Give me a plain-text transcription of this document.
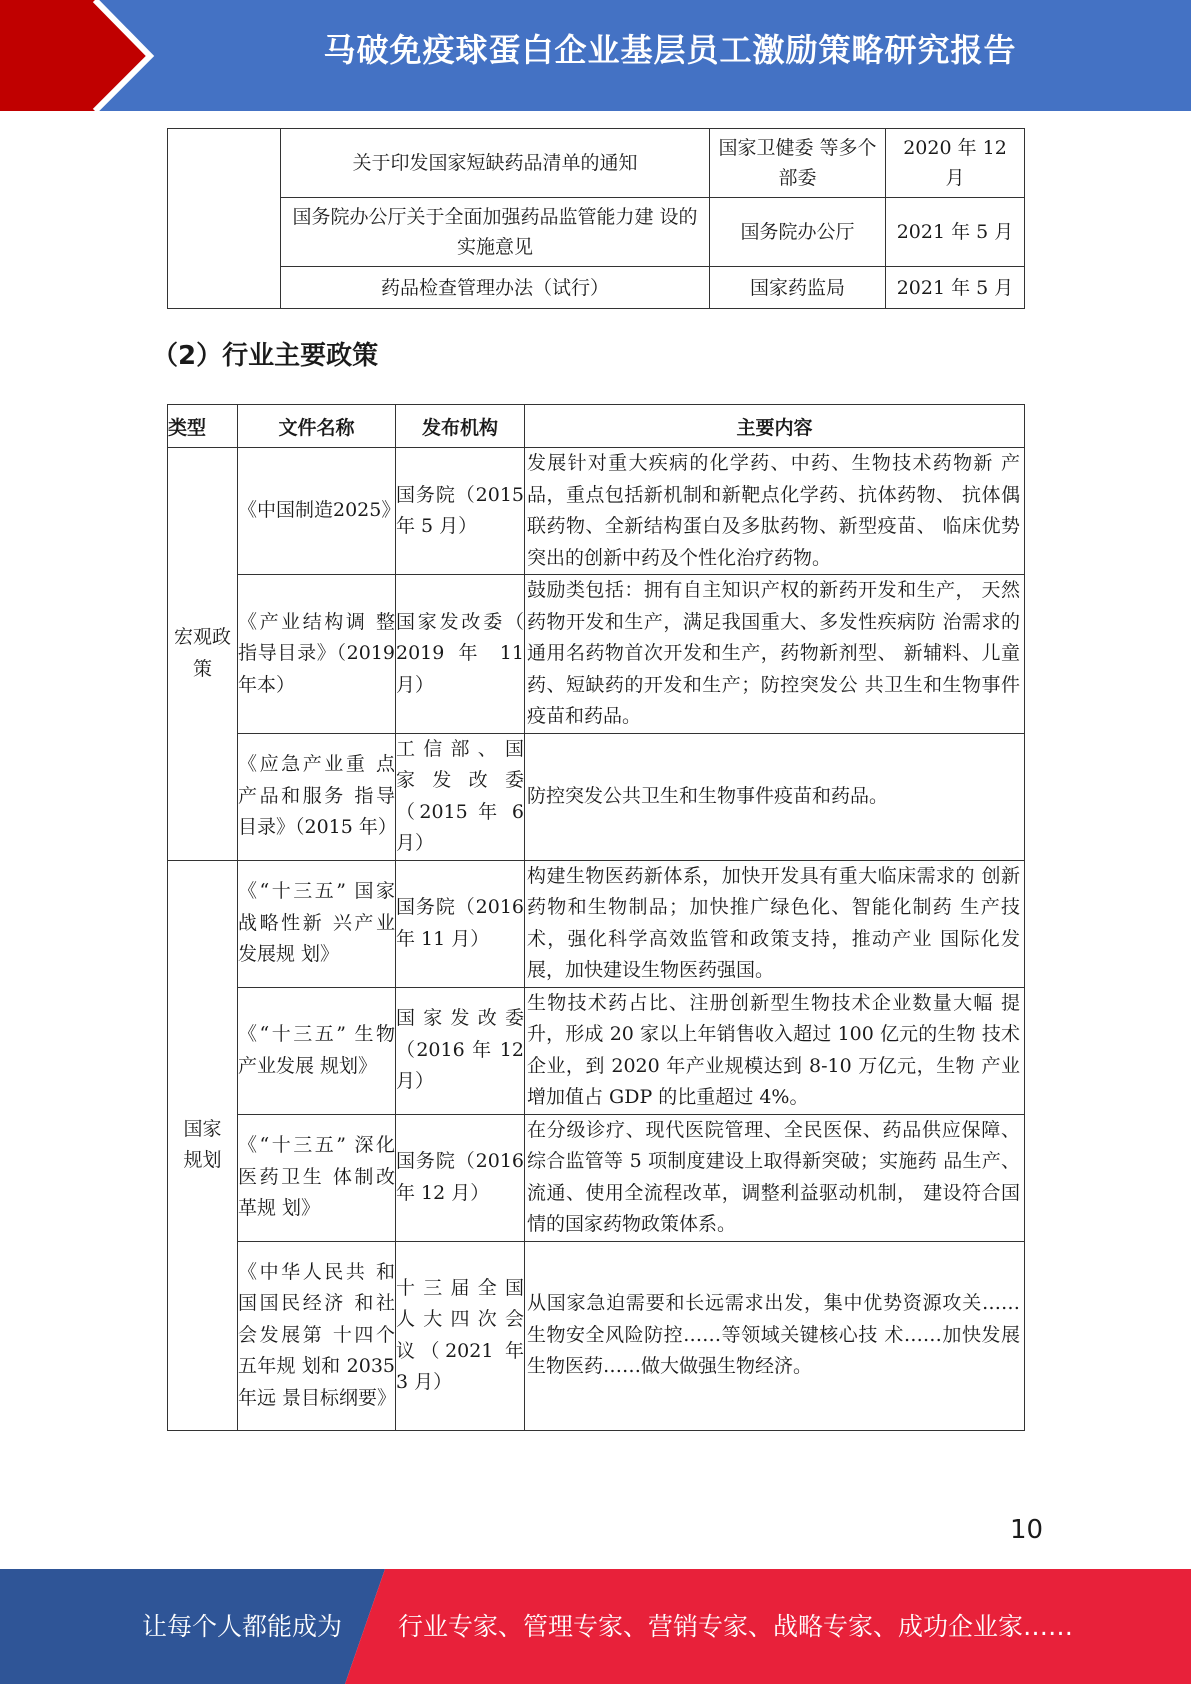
马破免疫球蛋白企业基层员工激励策略研究报告
	关于印发国家短缺药品清单的通知	国家卫健委 等多个部委	2020 年 12 月
	国务院办公厅关于全面加强药品监管能力建 设的实施意见	国务院办公厅	2021 年 5 月
	药品检查管理办法（试行）	国家药监局	2021 年 5 月
（2）行业主要政策
类型	文件名称	发布机构	主要内容
宏观政策	《中国制造2025》	国务院（2015 年 5 月）	发展针对重大疾病的化学药、中药、生物技术药物新 产品，重点包括新机制和新靶点化学药、抗体药物、 抗体偶联药物、全新结构蛋白及多肽药物、新型疫苗、 临床优势突出的创新中药及个性化治疗药物。
	《产业结构调 整指导目录》（2019 年本）	国家发改委（ 2019 年 11 月）	鼓励类包括：拥有自主知识产权的新药开发和生产， 天然药物开发和生产，满足我国重大、多发性疾病防 治需求的通用名药物首次开发和生产，药物新剂型、 新辅料、儿童药、短缺药的开发和生产；防控突发公 共卫生和生物事件疫苗和药品。
	《应急产业重 点产品和服务 指导目录》（2015 年）	工 信 部 、 国家发改委（2015 年 6 月）	防控突发公共卫生和生物事件疫苗和药品。
国家规划	《“十三五” 国家战略性新 兴产业发展规 划》	国务院（2016 年 11 月）	构建生物医药新体系，加快开发具有重大临床需求的 创新药物和生物制品；加快推广绿色化、智能化制药 生产技术，强化科学高效监管和政策支持，推动产业 国际化发展，加快建设生物医药强国。
	《“十三五” 生物产业发展 规划》	国家发改委（2016 年 12 月）	生物技术药占比、注册创新型生物技术企业数量大幅 提升，形成 20 家以上年销售收入超过 100 亿元的生物 技术企业，到 2020 年产业规模达到 8-10 万亿元，生物 产业增加值占 GDP 的比重超过 4%。
	《“十三五” 深化医药卫生 体制改革规 划》	国务院（2016 年 12 月）	在分级诊疗、现代医院管理、全民医保、药品供应保障、综合监管等 5 项制度建设上取得新突破；实施药 品生产、流通、使用全流程改革，调整利益驱动机制， 建设符合国情的国家药物政策体系。
	《中华人民共 和国国民经济 和社会发展第 十四个五年规 划和 2035 年远 景目标纲要》	十 三 届 全 国 人 大 四 次 会 议（2021 年 3 月）	从国家急迫需要和长远需求出发，集中优势资源攻关……生物安全风险防控……等领域关键核心技 术……加快发展生物医药……做大做强生物经济。
10
让每个人都能成为 行业专家、管理专家、营销专家、战略专家、成功企业家……
